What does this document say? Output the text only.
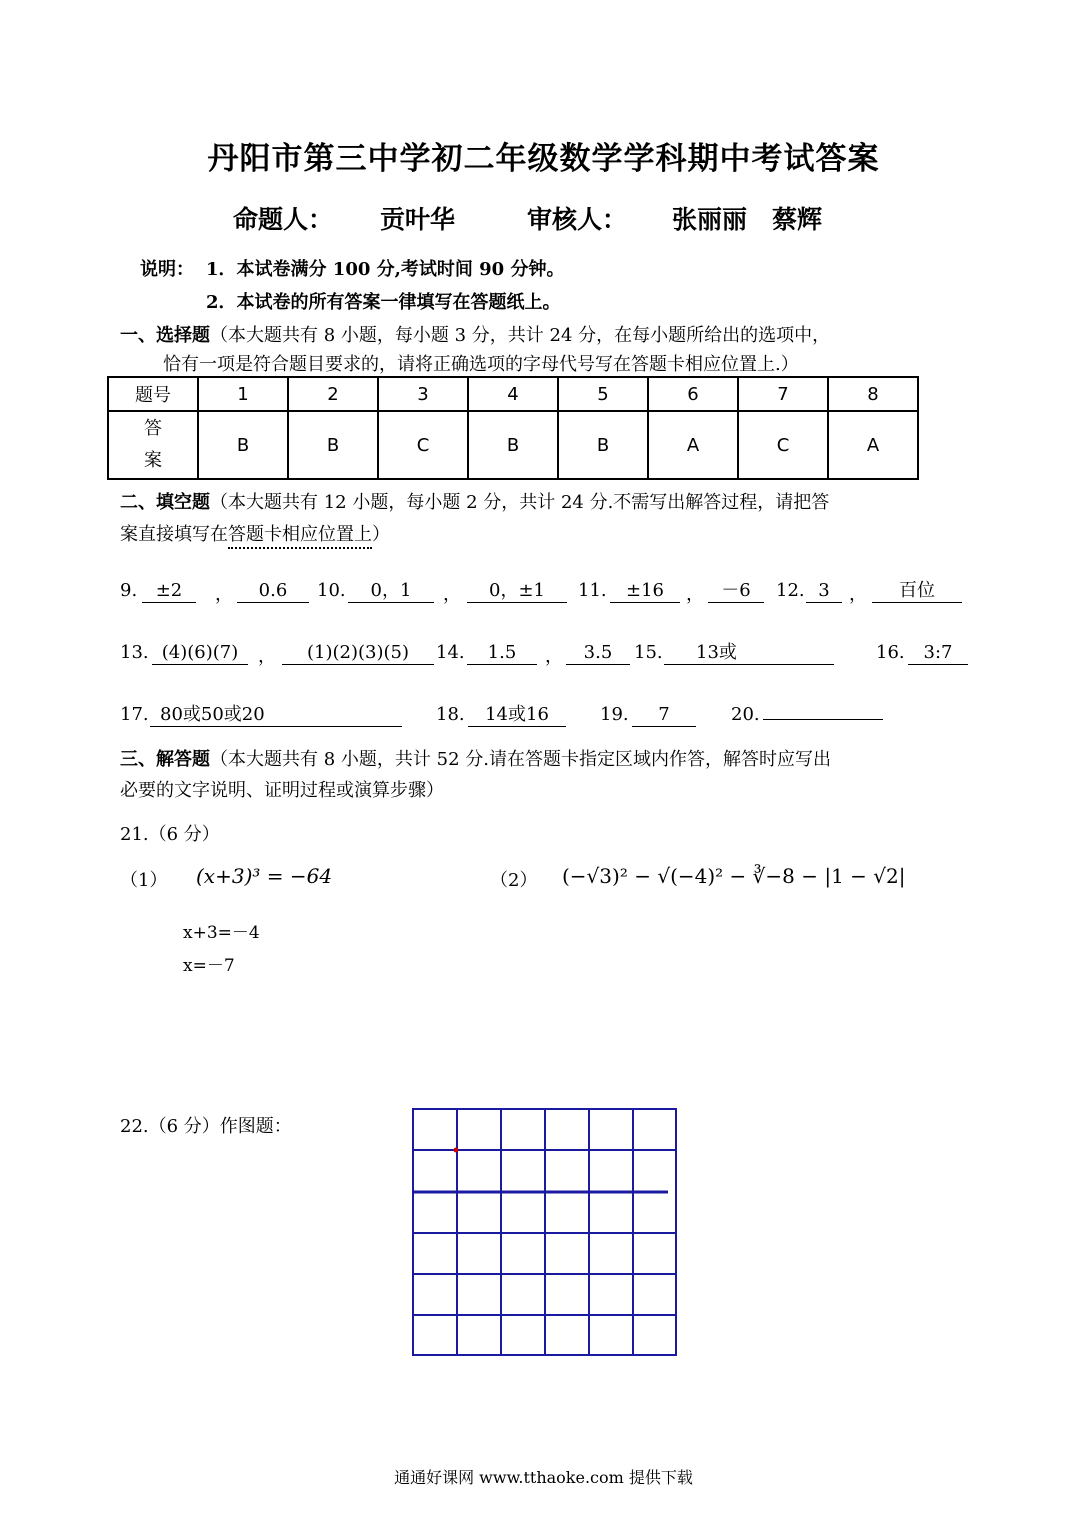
丹阳市第三中学初二年级数学学科期中考试答案
命题人： 贡叶华	审核人： 张丽丽　蔡辉
说明： 1．本试卷满分 100 分,考试时间 90 分钟。
2．本试卷的所有答案一律填写在答题纸上。
一、选择题（本大题共有 8 小题，每小题 3 分，共计 24 分，在每小题所给出的选项中，
恰有一项是符合题目要求的，请将正确选项的字母代号写在答题卡相应位置上.）
题号	1	2	3	4	5	6	7	8
答
案	B	B	C	B	B	A	C	A
二、填空题（本大题共有 12 小题，每小题 2 分，共计 24 分.不需写出解答过程，请把答
案直接填写在答题卡相应位置上）
9.	±2	，	0.6	10.	0，1	，	0，±1	11.	±16	， －6	12. 3	，	百位
13. (4)(6)(7)	，	(1)(2)(3)(5)	14.	1.5	，	3.5	15.	13或	16.	3:7
17. 80或50或20	18.	14或16	19.	7	20.
三、解答题（本大题共有 8 小题，共计 52 分.请在答题卡指定区域内作答，解答时应写出
必要的文字说明、证明过程或演算步骤）
21.（6 分）
（1） (x+3)³ = −64	（2） (−√3)² − √(−4)² − ∛−8 − |1 − √2|
x+3=－4
x=－7
22.（6 分）作图题：
通通好课网 www.tthaoke.com 提供下载
